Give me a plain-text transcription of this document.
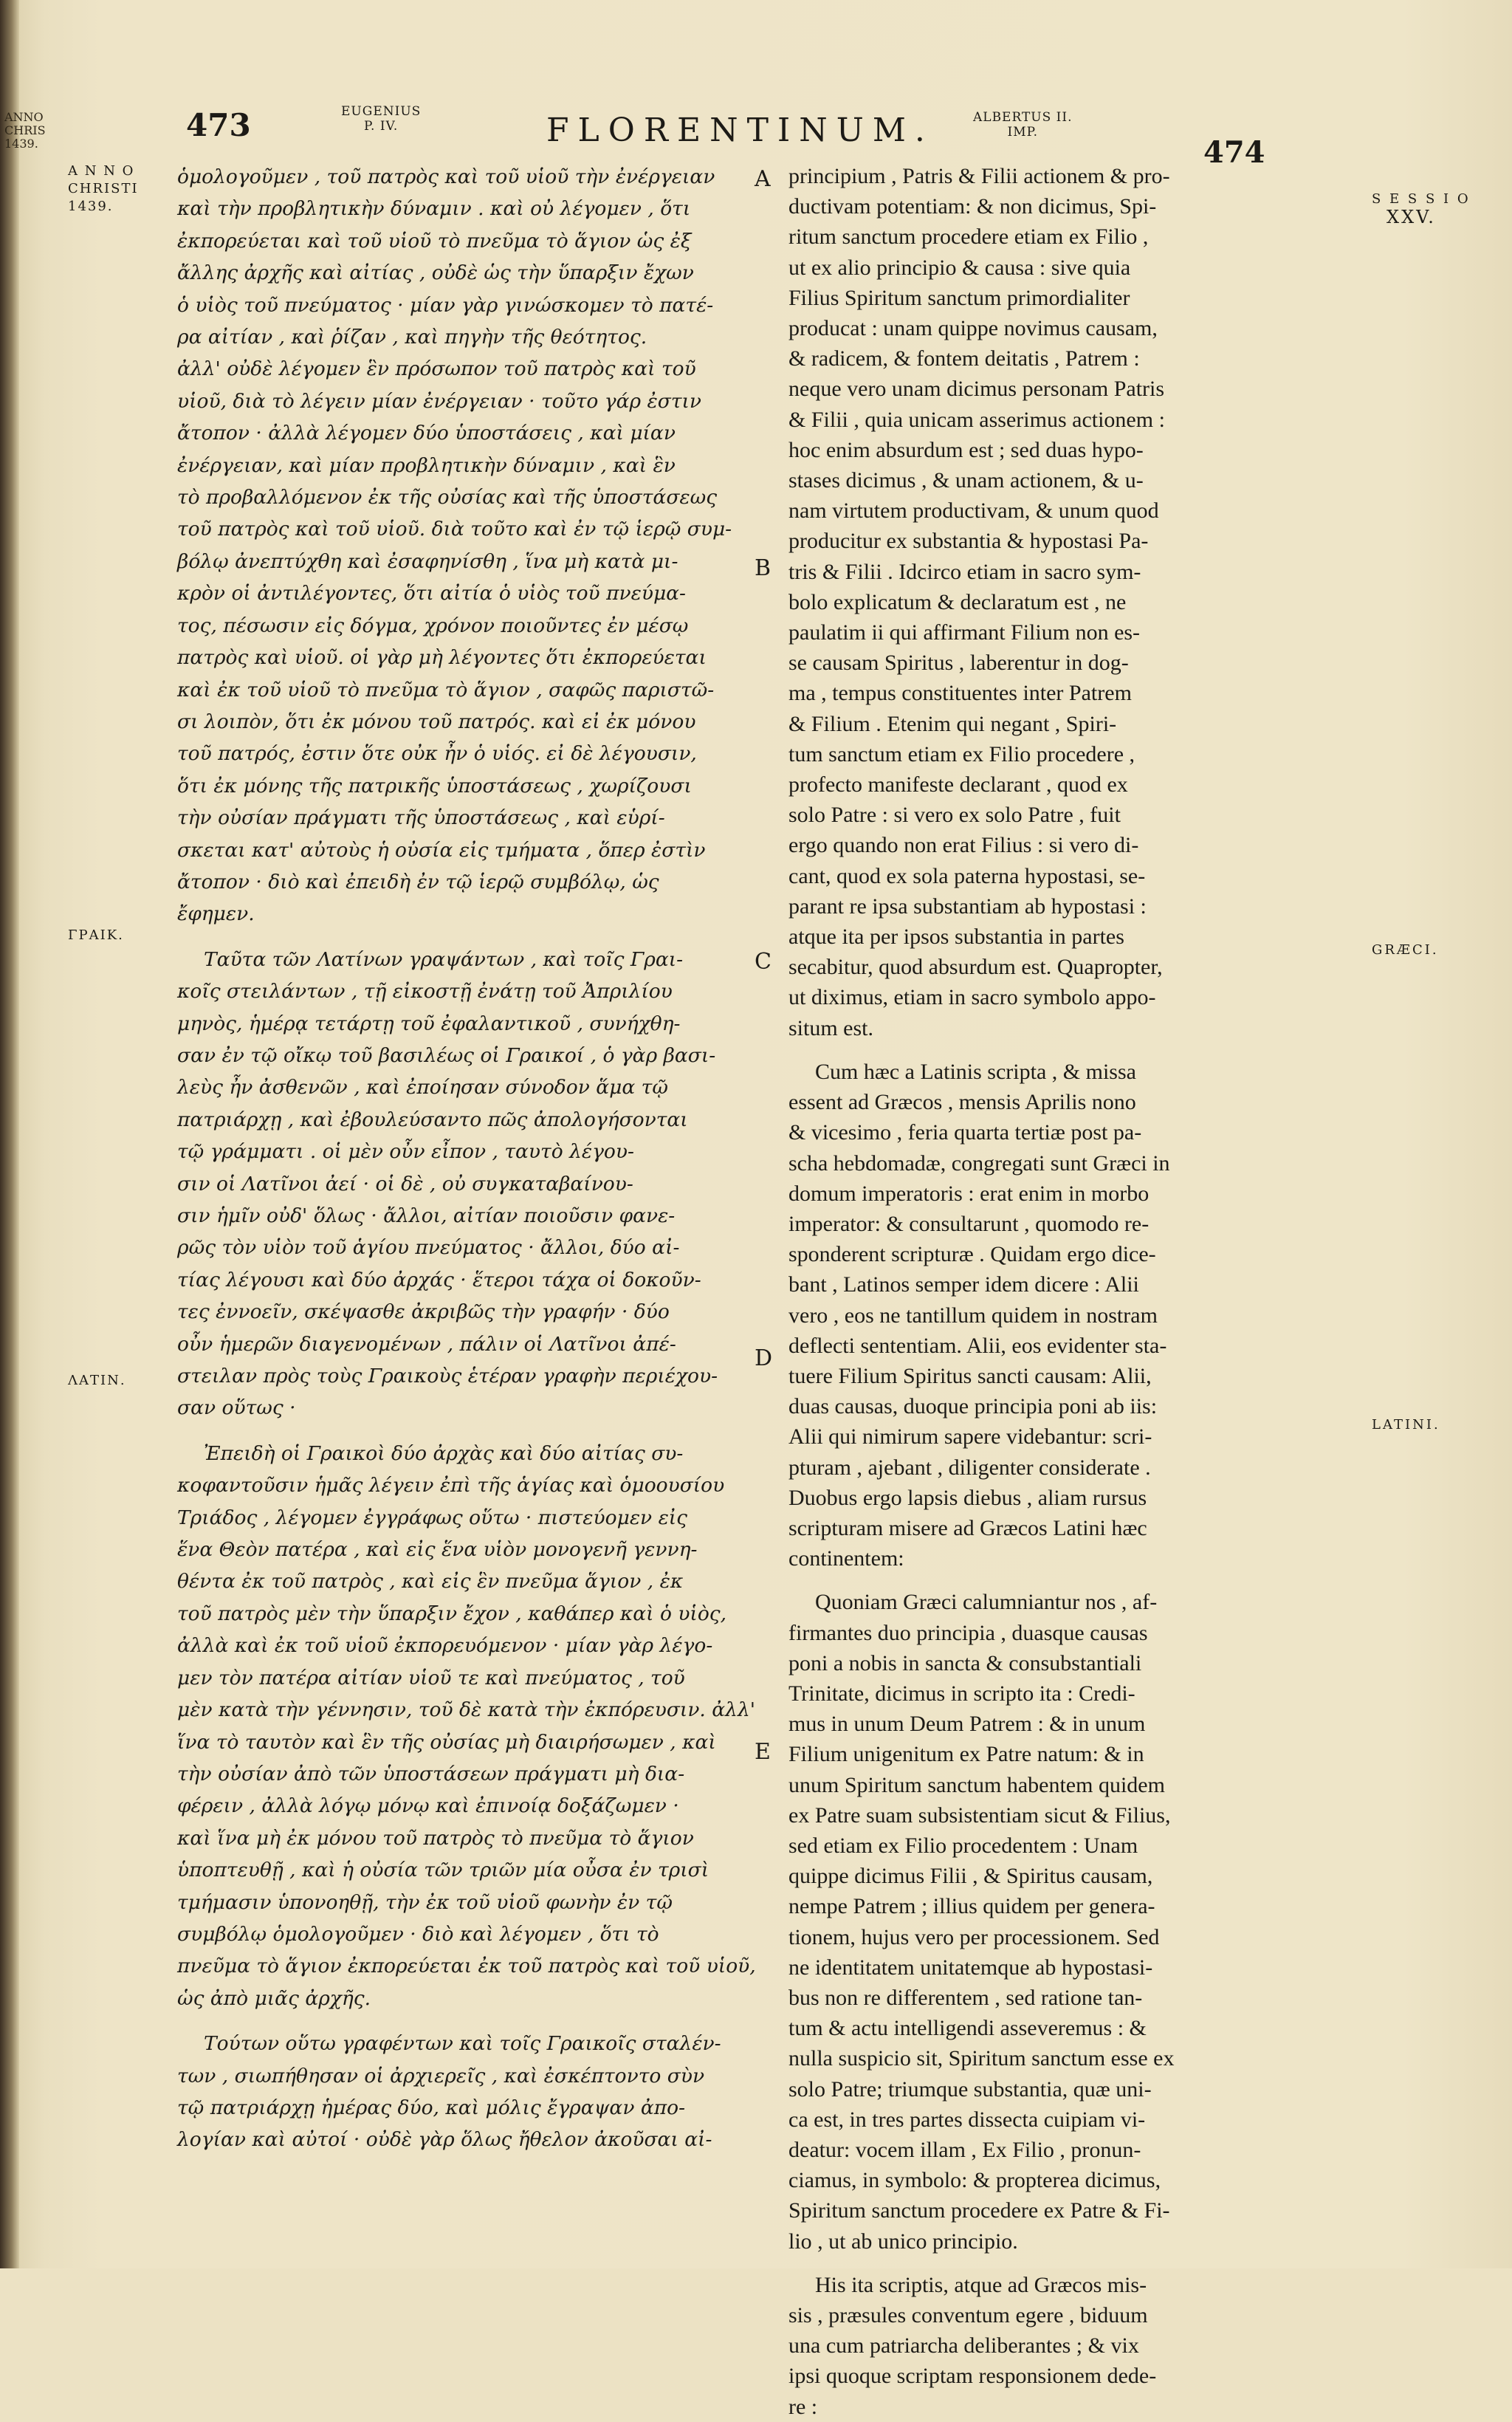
ANNO CHRIS 1439.
473	EUGENIUS
P. IV.	FLORENTINUM.	ALBERTUS II.
IMP.
474
A N N O
CHRISTI
1439.
ΓΡΑΙΚ.
ΛΑΤΙΝ.
S E S S I O
XXV.
GRÆCI.
LATINI.
A
B
C
D
E
ὁμολογοῦμεν , τοῦ πατρὸς καὶ τοῦ υἱοῦ τὴν ἐνέργειαν
καὶ τὴν προβλητικὴν δύναμιν . καὶ οὐ λέγομεν , ὅτι
ἐκπορεύεται καὶ τοῦ υἱοῦ τὸ πνεῦμα τὸ ἅγιον ὡς ἐξ
ἄλλης ἀρχῆς καὶ αἰτίας , οὐδὲ ὡς τὴν ὕπαρξιν ἔχων
ὁ υἱὸς τοῦ πνεύματος · μίαν γὰρ γινώσκομεν τὸ πατέ-
ρα αἰτίαν , καὶ ῥίζαν , καὶ πηγὴν τῆς θεότητος.
ἀλλ' οὐδὲ λέγομεν ἓν πρόσωπον τοῦ πατρὸς καὶ τοῦ
υἱοῦ, διὰ τὸ λέγειν μίαν ἐνέργειαν · τοῦτο γάρ ἐστιν
ἄτοπον · ἀλλὰ λέγομεν δύο ὑποστάσεις , καὶ μίαν
ἐνέργειαν, καὶ μίαν προβλητικὴν δύναμιν , καὶ ἓν
τὸ προβαλλόμενον ἐκ τῆς οὐσίας καὶ τῆς ὑποστάσεως
τοῦ πατρὸς καὶ τοῦ υἱοῦ. διὰ τοῦτο καὶ ἐν τῷ ἱερῷ συμ-
βόλῳ ἀνεπτύχθη καὶ ἐσαφηνίσθη , ἵνα μὴ κατὰ μι-
κρὸν οἱ ἀντιλέγοντες, ὅτι αἰτία ὁ υἱὸς τοῦ πνεύμα-
τος, πέσωσιν εἰς δόγμα, χρόνον ποιοῦντες ἐν μέσῳ
πατρὸς καὶ υἱοῦ. οἱ γὰρ μὴ λέγοντες ὅτι ἐκπορεύεται
καὶ ἐκ τοῦ υἱοῦ τὸ πνεῦμα τὸ ἅγιον , σαφῶς παριστῶ-
σι λοιπὸν, ὅτι ἐκ μόνου τοῦ πατρός. καὶ εἰ ἐκ μόνου
τοῦ πατρός, ἐστιν ὅτε οὐκ ἦν ὁ υἱός. εἰ δὲ λέγουσιν,
ὅτι ἐκ μόνης τῆς πατρικῆς ὑποστάσεως , χωρίζουσι
τὴν οὐσίαν πράγματι τῆς ὑποστάσεως , καὶ εὑρί-
σκεται κατ' αὐτοὺς ἡ οὐσία εἰς τμήματα , ὅπερ ἐστὶν
ἄτοπον · διὸ καὶ ἐπειδὴ ἐν τῷ ἱερῷ συμβόλῳ, ὡς
ἔφημεν.
Ταῦτα τῶν Λατίνων γραψάντων , καὶ τοῖς Γραι-
κοῖς στειλάντων , τῇ εἰκοστῇ ἐνάτῃ τοῦ Ἀπριλίου
μηνὸς, ἡμέρᾳ τετάρτῃ τοῦ ἐφαλαντικοῦ , συνήχθη-
σαν ἐν τῷ οἴκῳ τοῦ βασιλέως οἱ Γραικοί , ὁ γὰρ βασι-
λεὺς ἦν ἀσθενῶν , καὶ ἐποίησαν σύνοδον ἅμα τῷ
πατριάρχῃ , καὶ ἐβουλεύσαντο πῶς ἀπολογήσονται
τῷ γράμματι . οἱ μὲν οὖν εἶπον , ταυτὸ λέγου-
σιν οἱ Λατῖνοι ἀεί · οἱ δὲ , οὐ συγκαταβαίνου-
σιν ἡμῖν οὐδ' ὅλως · ἄλλοι, αἰτίαν ποιοῦσιν φανε-
ρῶς τὸν υἱὸν τοῦ ἁγίου πνεύματος · ἄλλοι, δύο αἰ-
τίας λέγουσι καὶ δύο ἀρχάς · ἕτεροι τάχα οἱ δοκοῦν-
τες ἐννοεῖν, σκέψασθε ἀκριβῶς τὴν γραφήν · δύο
οὖν ἡμερῶν διαγενομένων , πάλιν οἱ Λατῖνοι ἀπέ-
στειλαν πρὸς τοὺς Γραικοὺς ἑτέραν γραφὴν περιέχου-
σαν οὕτως ·
Ἐπειδὴ οἱ Γραικοὶ δύο ἀρχὰς καὶ δύο αἰτίας συ-
κοφαντοῦσιν ἡμᾶς λέγειν ἐπὶ τῆς ἁγίας καὶ ὁμοουσίου
Τριάδος , λέγομεν ἐγγράφως οὕτω · πιστεύομεν εἰς
ἕνα Θεὸν πατέρα , καὶ εἰς ἕνα υἱὸν μονογενῆ γεννη-
θέντα ἐκ τοῦ πατρὸς , καὶ εἰς ἓν πνεῦμα ἅγιον , ἐκ
τοῦ πατρὸς μὲν τὴν ὕπαρξιν ἔχον , καθάπερ καὶ ὁ υἱὸς,
ἀλλὰ καὶ ἐκ τοῦ υἱοῦ ἐκπορευόμενον · μίαν γὰρ λέγο-
μεν τὸν πατέρα αἰτίαν υἱοῦ τε καὶ πνεύματος , τοῦ
μὲν κατὰ τὴν γέννησιν, τοῦ δὲ κατὰ τὴν ἐκπόρευσιν. ἀλλ'
ἵνα τὸ ταυτὸν καὶ ἓν τῆς οὐσίας μὴ διαιρήσωμεν , καὶ
τὴν οὐσίαν ἀπὸ τῶν ὑποστάσεων πράγματι μὴ δια-
φέρειν , ἀλλὰ λόγῳ μόνῳ καὶ ἐπινοίᾳ δοξάζωμεν ·
καὶ ἵνα μὴ ἐκ μόνου τοῦ πατρὸς τὸ πνεῦμα τὸ ἅγιον
ὑποπτευθῇ , καὶ ἡ οὐσία τῶν τριῶν μία οὖσα ἐν τρισὶ
τμήμασιν ὑπονοηθῇ, τὴν ἐκ τοῦ υἱοῦ φωνὴν ἐν τῷ
συμβόλῳ ὁμολογοῦμεν · διὸ καὶ λέγομεν , ὅτι τὸ
πνεῦμα τὸ ἅγιον ἐκπορεύεται ἐκ τοῦ πατρὸς καὶ τοῦ υἱοῦ,
ὡς ἀπὸ μιᾶς ἀρχῆς.
Τούτων οὕτω γραφέντων καὶ τοῖς Γραικοῖς σταλέν-
των , σιωπήθησαν οἱ ἀρχιερεῖς , καὶ ἐσκέπτοντο σὺν
τῷ πατριάρχῃ ἡμέρας δύο, καὶ μόλις ἔγραψαν ἀπο-
λογίαν καὶ αὐτοί · οὐδὲ γὰρ ὅλως ἤθελον ἀκοῦσαι αἰ-
principium , Patris & Filii actionem & pro-
ductivam potentiam: & non dicimus, Spi-
ritum sanctum procedere etiam ex Filio ,
ut ex alio principio & causa : sive quia
Filius Spiritum sanctum primordialiter
producat : unam quippe novimus causam,
& radicem, & fontem deitatis , Patrem :
neque vero unam dicimus personam Patris
& Filii , quia unicam asserimus actionem :
hoc enim absurdum est ; sed duas hypo-
stases dicimus , & unam actionem, & u-
nam virtutem productivam, & unum quod
producitur ex substantia & hypostasi Pa-
tris & Filii . Idcirco etiam in sacro sym-
bolo explicatum & declaratum est , ne
paulatim ii qui affirmant Filium non es-
se causam Spiritus , laberentur in dog-
ma , tempus constituentes inter Patrem
& Filium . Etenim qui negant , Spiri-
tum sanctum etiam ex Filio procedere ,
profecto manifeste declarant , quod ex
solo Patre : si vero ex solo Patre , fuit
ergo quando non erat Filius : si vero di-
cant, quod ex sola paterna hypostasi, se-
parant re ipsa substantiam ab hypostasi :
atque ita per ipsos substantia in partes
secabitur, quod absurdum est. Quapropter,
ut diximus, etiam in sacro symbolo appo-
situm est.
Cum hæc a Latinis scripta , & missa
essent ad Græcos , mensis Aprilis nono
& vicesimo , feria quarta tertiæ post pa-
scha hebdomadæ, congregati sunt Græci in
domum imperatoris : erat enim in morbo
imperator: & consultarunt , quomodo re-
sponderent scripturæ . Quidam ergo dice-
bant , Latinos semper idem dicere : Alii
vero , eos ne tantillum quidem in nostram
deflecti sententiam. Alii, eos evidenter sta-
tuere Filium Spiritus sancti causam: Alii,
duas causas, duoque principia poni ab iis:
Alii qui nimirum sapere videbantur: scri-
pturam , ajebant , diligenter considerate .
Duobus ergo lapsis diebus , aliam rursus
scripturam misere ad Græcos Latini hæc
continentem:
Quoniam Græci calumniantur nos , af-
firmantes duo principia , duasque causas
poni a nobis in sancta & consubstantiali
Trinitate, dicimus in scripto ita : Credi-
mus in unum Deum Patrem : & in unum
Filium unigenitum ex Patre natum: & in
unum Spiritum sanctum habentem quidem
ex Patre suam subsistentiam sicut & Filius,
sed etiam ex Filio procedentem : Unam
quippe dicimus Filii , & Spiritus causam,
nempe Patrem ; illius quidem per genera-
tionem, hujus vero per processionem. Sed
ne identitatem unitatemque ab hypostasi-
bus non re differentem , sed ratione tan-
tum & actu intelligendi asseveremus : &
nulla suspicio sit, Spiritum sanctum esse ex
solo Patre; triumque substantia, quæ uni-
ca est, in tres partes dissecta cuipiam vi-
deatur: vocem illam , Ex Filio , pronun-
ciamus, in symbolo: & propterea dicimus,
Spiritum sanctum procedere ex Patre & Fi-
lio , ut ab unico principio.
His ita scriptis, atque ad Græcos mis-
sis , præsules conventum egere , biduum
una cum patriarcha deliberantes ; & vix
ipsi quoque scriptam responsionem dede-
re :
